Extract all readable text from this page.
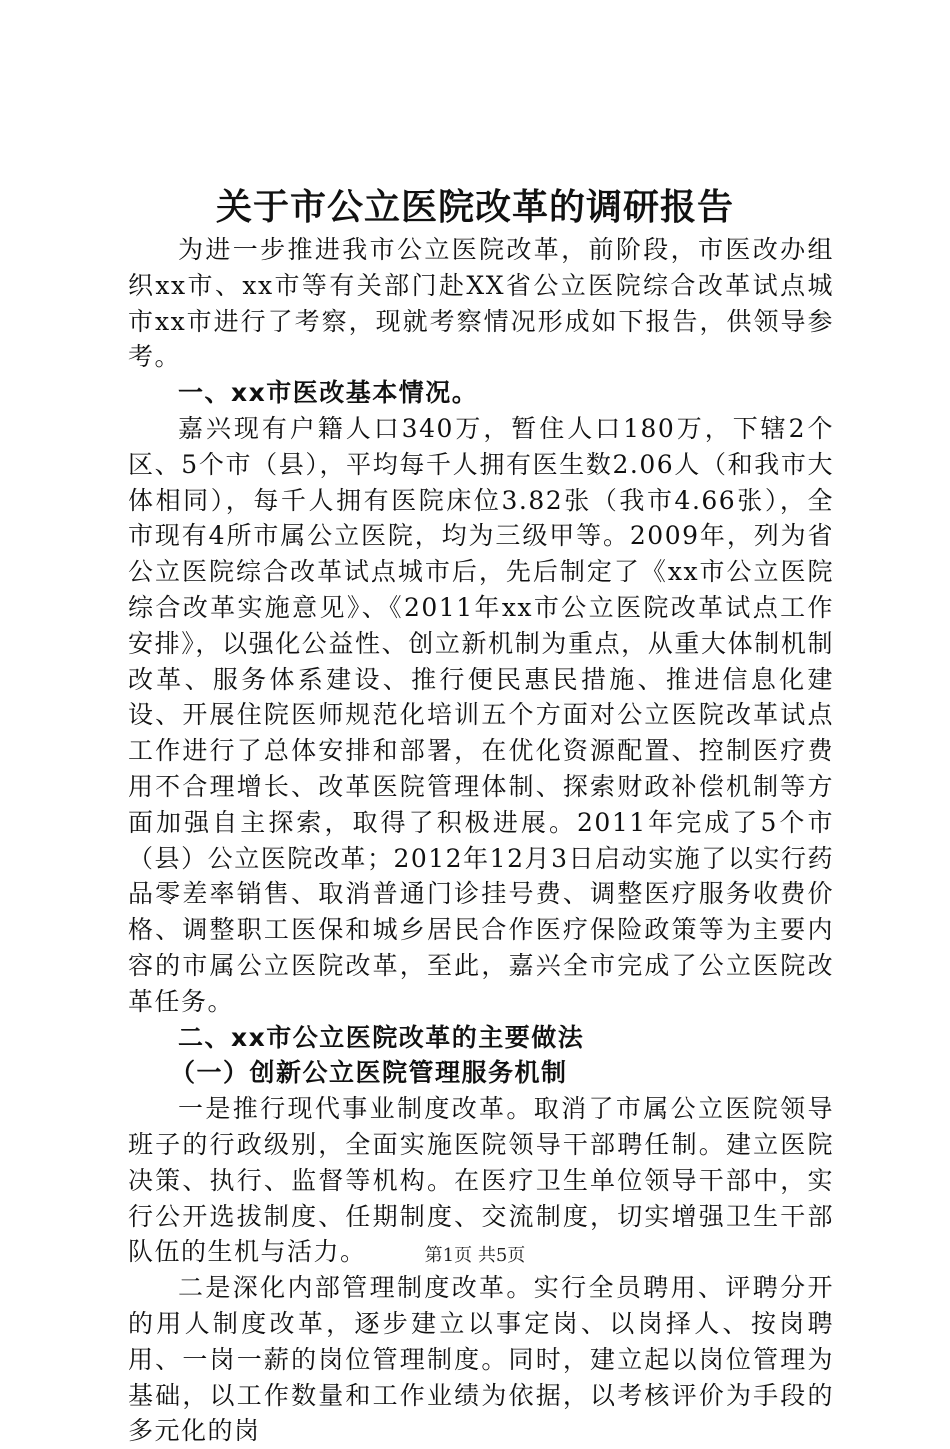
关于市公立医院改革的调研报告

为进一步推进我市公立医院改革，前阶段，市医改办组织xx市、xx市等有关部门赴XX省公立医院综合改革试点城市xx市进行了考察，现就考察情况形成如下报告，供领导参考。

一、xx市医改基本情况。

嘉兴现有户籍人口340万，暂住人口180万，下辖2个区、5个市（县），平均每千人拥有医生数2.06人（和我市大体相同），每千人拥有医院床位3.82张（我市4.66张），全市现有4所市属公立医院，均为三级甲等。2009年，列为省公立医院综合改革试点城市后，先后制定了《xx市公立医院综合改革实施意见》、《2011年xx市公立医院改革试点工作安排》，以强化公益性、创立新机制为重点，从重大体制机制改革、服务体系建设、推行便民惠民措施、推进信息化建设、开展住院医师规范化培训五个方面对公立医院改革试点工作进行了总体安排和部署，在优化资源配置、控制医疗费用不合理增长、改革医院管理体制、探索财政补偿机制等方面加强自主探索，取得了积极进展。2011年完成了5个市（县）公立医院改革；2012年12月3日启动实施了以实行药品零差率销售、取消普通门诊挂号费、调整医疗服务收费价格、调整职工医保和城乡居民合作医疗保险政策等为主要内容的市属公立医院改革，至此，嘉兴全市完成了公立医院改革任务。

二、xx市公立医院改革的主要做法

（一）创新公立医院管理服务机制

一是推行现代事业制度改革。取消了市属公立医院领导班子的行政级别，全面实施医院领导干部聘任制。建立医院决策、执行、监督等机构。在医疗卫生单位领导干部中，实行公开选拔制度、任期制度、交流制度，切实增强卫生干部队伍的生机与活力。

二是深化内部管理制度改革。实行全员聘用、评聘分开的用人制度改革，逐步建立以事定岗、以岗择人、按岗聘用、一岗一薪的岗位管理制度。同时，建立起以岗位管理为基础，以工作数量和工作业绩为依据，以考核评价为手段的多元化的岗

第1页 共5页
